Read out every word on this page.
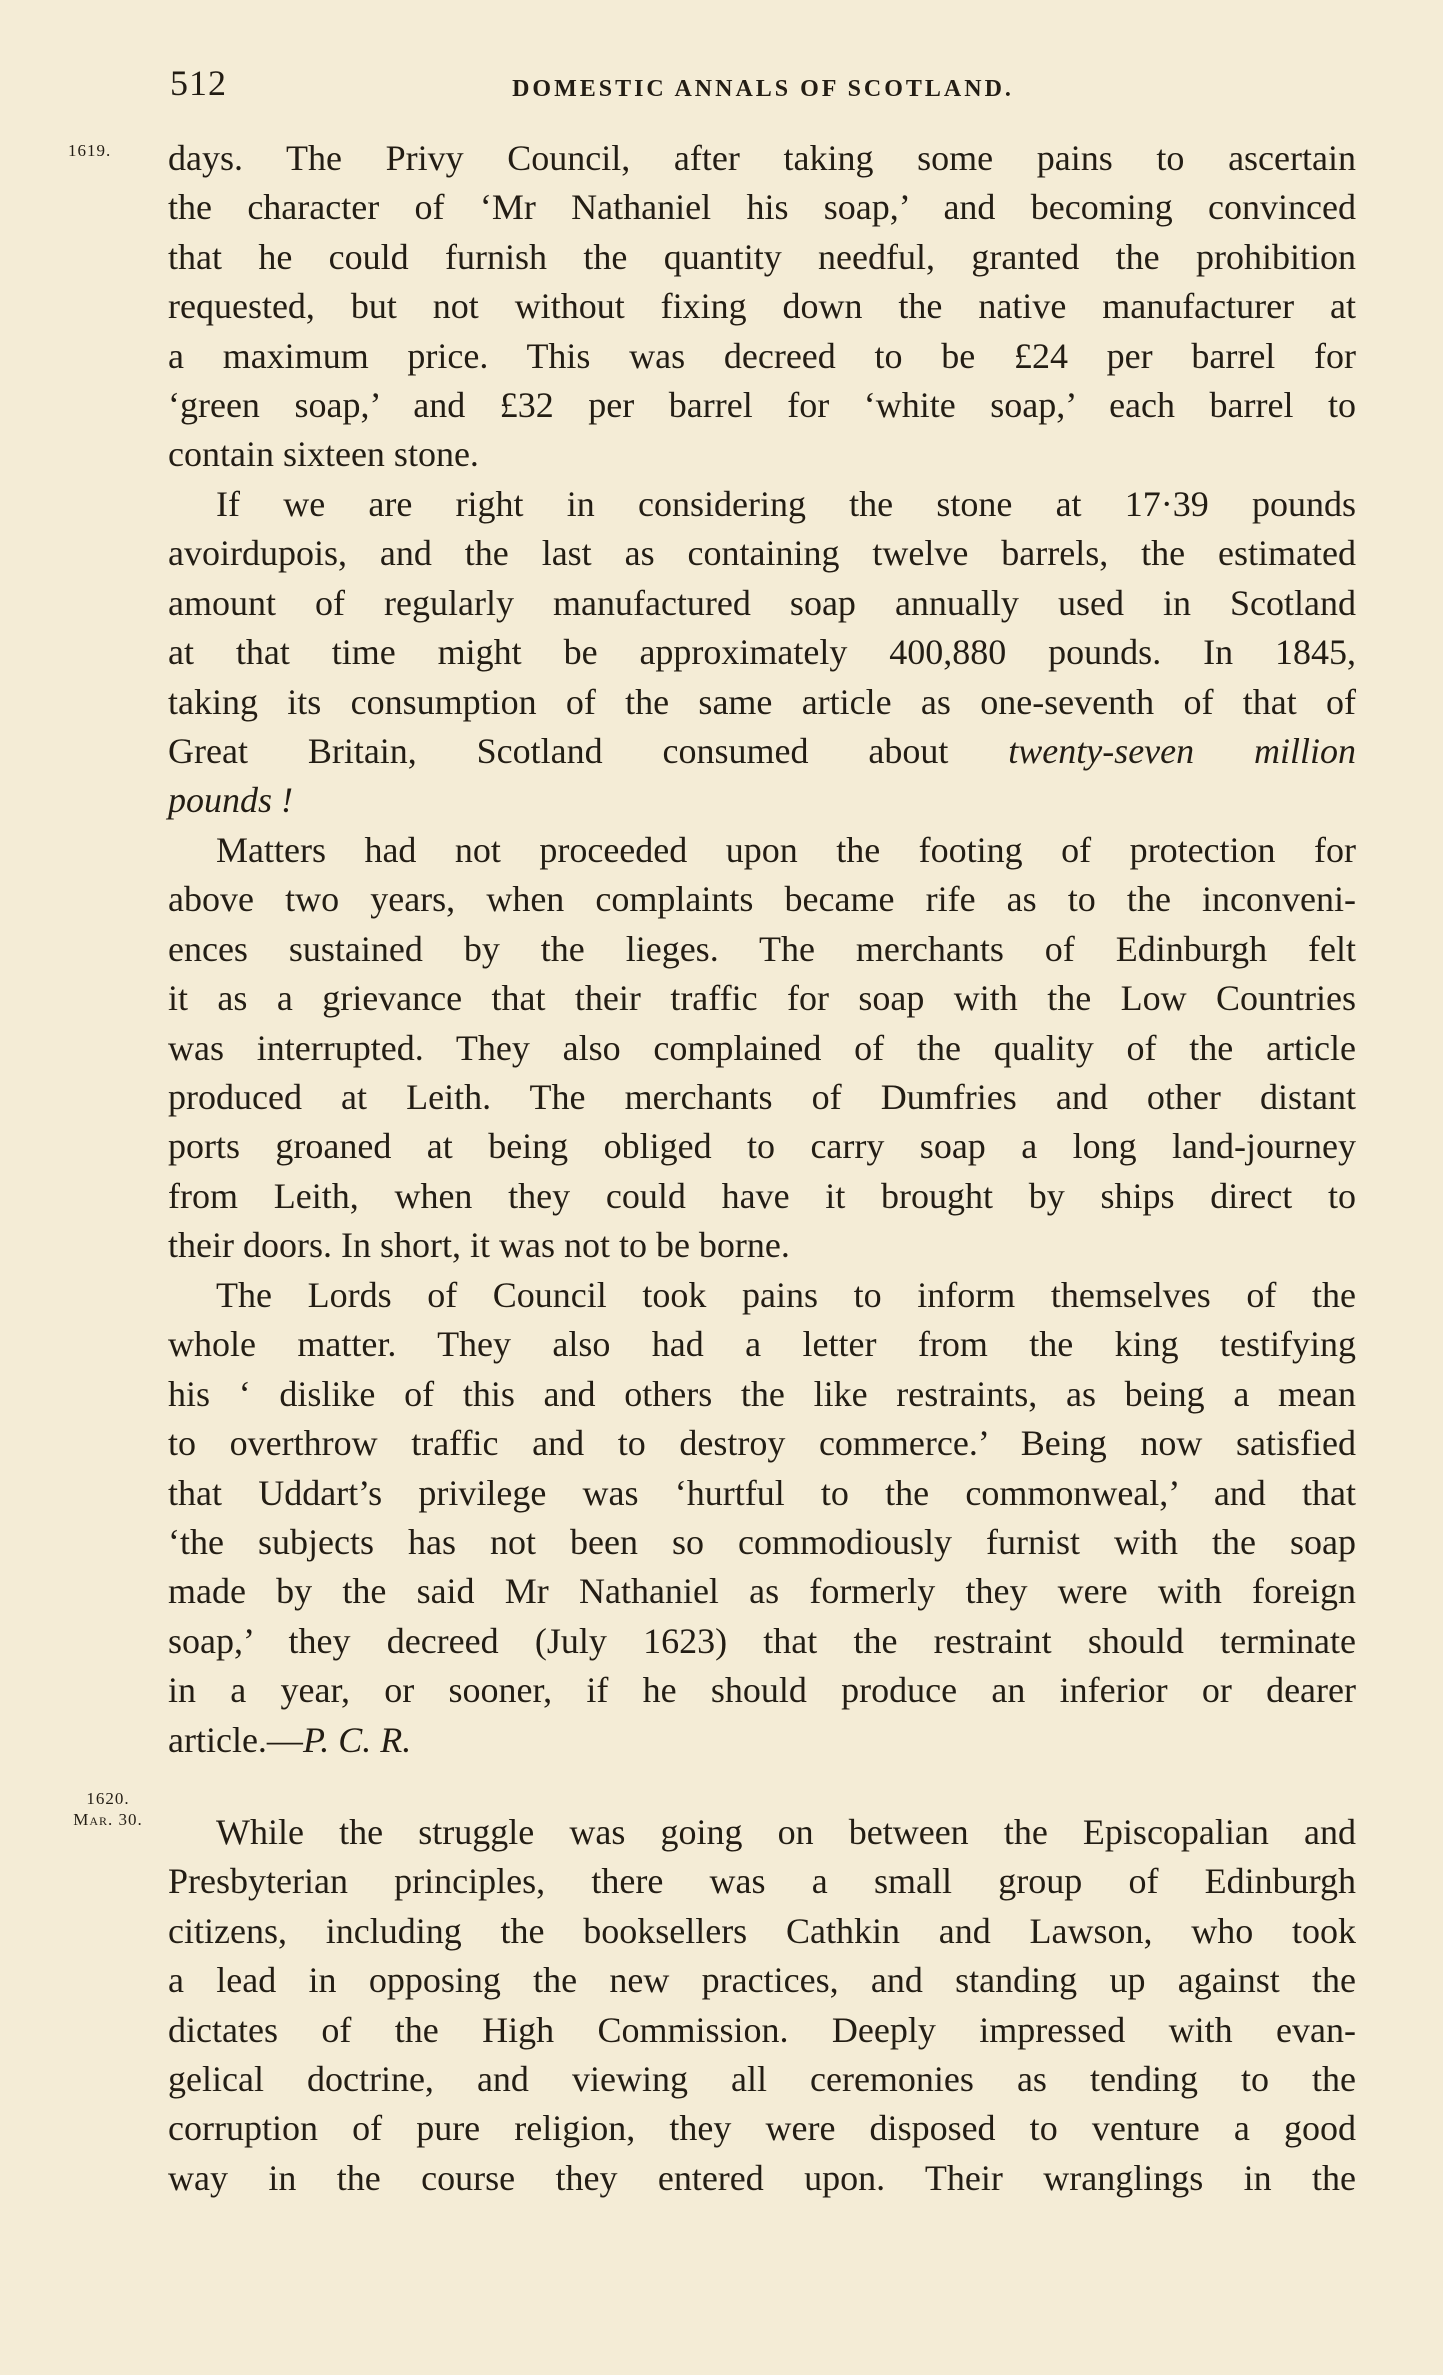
512	DOMESTIC ANNALS OF SCOTLAND.
1619.
1620.
Mar. 30.
days. The Privy Council, after taking some pains to ascertain
the character of ‘Mr Nathaniel his soap,’ and becoming convinced
that he could furnish the quantity needful, granted the prohibition
requested, but not without fixing down the native manufacturer at
a maximum price. This was decreed to be £24 per barrel for
‘green soap,’ and £32 per barrel for ‘white soap,’ each barrel to
contain sixteen stone.
If we are right in considering the stone at 17·39 pounds
avoirdupois, and the last as containing twelve barrels, the estimated
amount of regularly manufactured soap annually used in Scotland
at that time might be approximately 400,880 pounds. In 1845,
taking its consumption of the same article as one-seventh of that of
Great Britain, Scotland consumed about twenty-seven million
pounds !
Matters had not proceeded upon the footing of protection for
above two years, when complaints became rife as to the inconveni-
ences sustained by the lieges. The merchants of Edinburgh felt
it as a grievance that their traffic for soap with the Low Countries
was interrupted. They also complained of the quality of the article
produced at Leith. The merchants of Dumfries and other distant
ports groaned at being obliged to carry soap a long land-journey
from Leith, when they could have it brought by ships direct to
their doors. In short, it was not to be borne.
The Lords of Council took pains to inform themselves of the
whole matter. They also had a letter from the king testifying
his ‘ dislike of this and others the like restraints, as being a mean
to overthrow traffic and to destroy commerce.’ Being now satisfied
that Uddart’s privilege was ‘hurtful to the commonweal,’ and that
‘the subjects has not been so commodiously furnist with the soap
made by the said Mr Nathaniel as formerly they were with foreign
soap,’ they decreed (July 1623) that the restraint should terminate
in a year, or sooner, if he should produce an inferior or dearer
article.—P. C. R.
While the struggle was going on between the Episcopalian and
Presbyterian principles, there was a small group of Edinburgh
citizens, including the booksellers Cathkin and Lawson, who took
a lead in opposing the new practices, and standing up against the
dictates of the High Commission. Deeply impressed with evan-
gelical doctrine, and viewing all ceremonies as tending to the
corruption of pure religion, they were disposed to venture a good
way in the course they entered upon. Their wranglings in the
